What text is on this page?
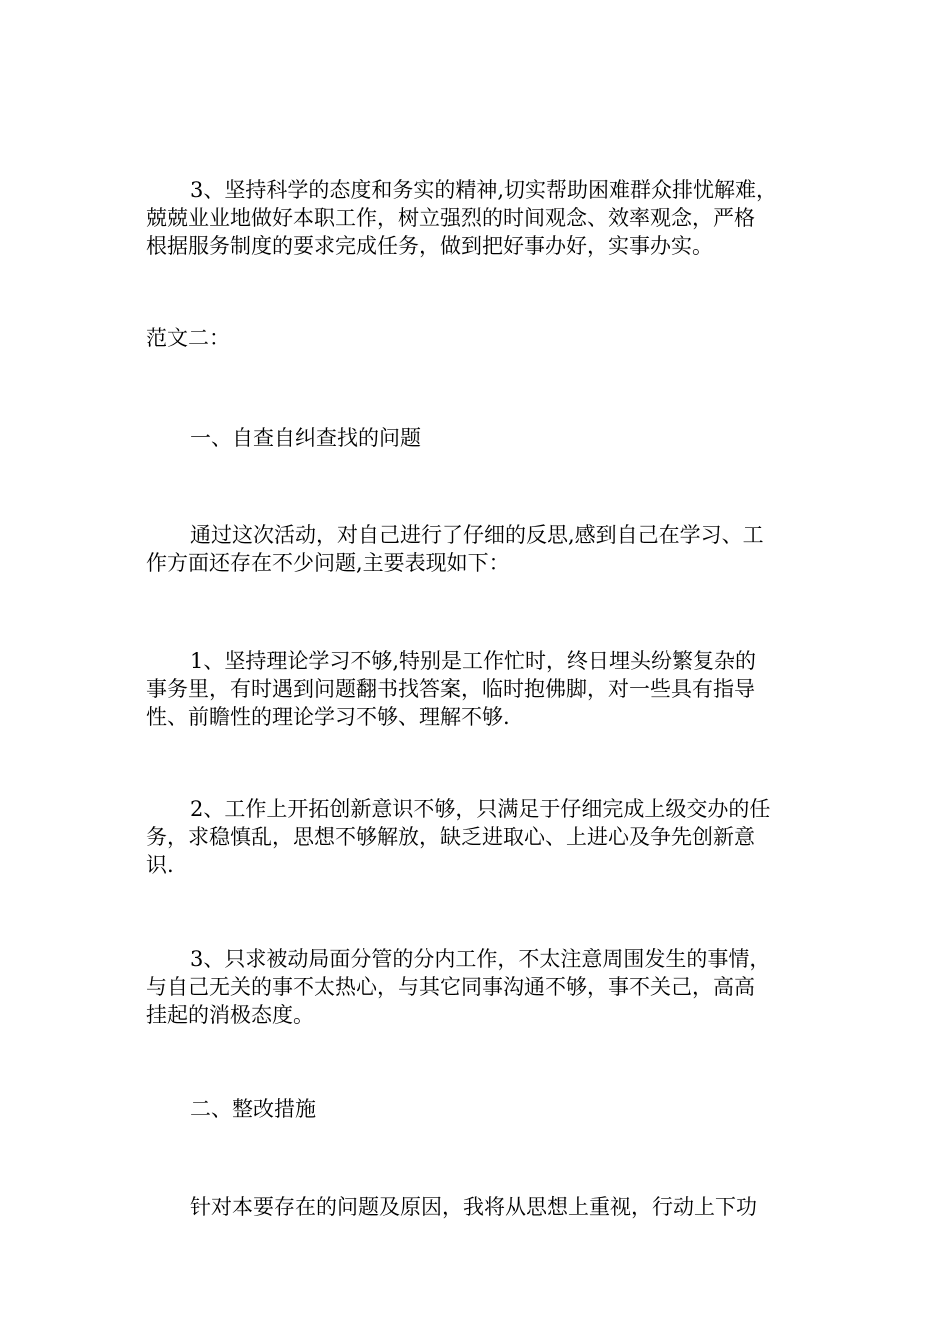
3、坚持科学的态度和务实的精神,切实帮助困难群众排忧解难，
兢兢业业地做好本职工作，树立强烈的时间观念、效率观念，严格
根据服务制度的要求完成任务，做到把好事办好，实事办实。
范文二：
一、自查自纠查找的问题
通过这次活动，对自己进行了仔细的反思,感到自己在学习、工
作方面还存在不少问题,主要表现如下：
1、坚持理论学习不够,特别是工作忙时，终日埋头纷繁复杂的
事务里，有时遇到问题翻书找答案，临时抱佛脚，对一些具有指导
性、前瞻性的理论学习不够、理解不够.
2、工作上开拓创新意识不够，只满足于仔细完成上级交办的任
务，求稳慎乱，思想不够解放，缺乏进取心、上进心及争先创新意
识.
3、只求被动局面分管的分内工作，不太注意周围发生的事情，
与自己无关的事不太热心，与其它同事沟通不够，事不关己，高高
挂起的消极态度。
二、整改措施
针对本要存在的问题及原因，我将从思想上重视，行动上下功
